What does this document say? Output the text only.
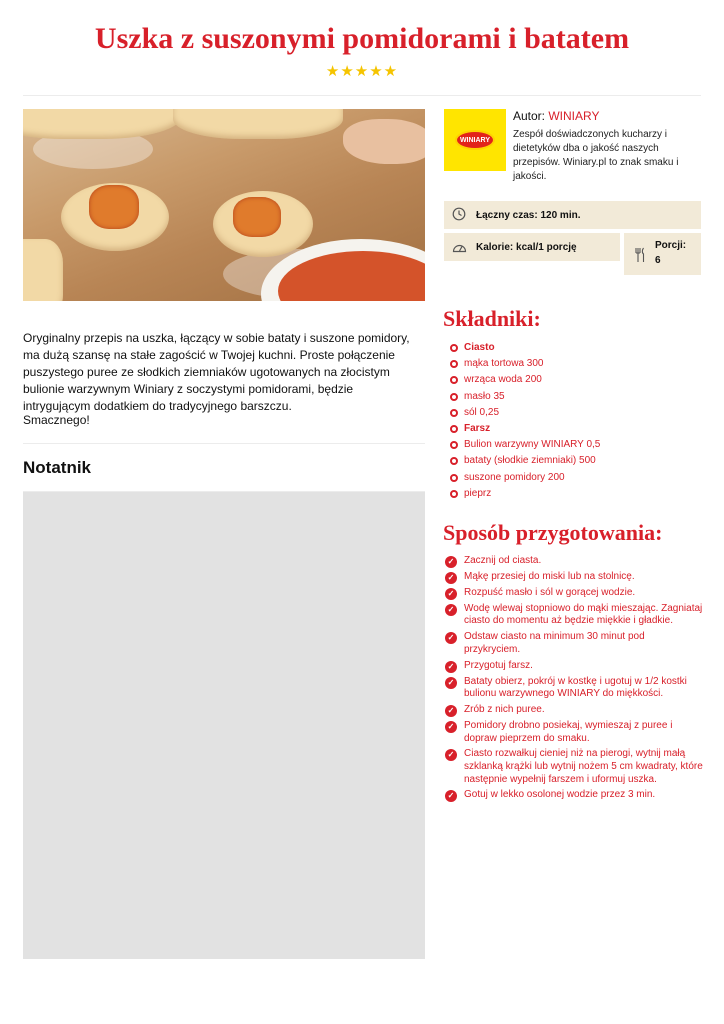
Uszka z suszonymi pomidorami i batatem
★★★★★

Oryginalny przepis na uszka, łączący w sobie bataty i suszone pomidory, ma dużą szansę na stałe zagościć w Twojej kuchni. Proste połączenie puszystego puree ze słodkich ziemniaków ugotowanych na złocistym bulionie warzywnym Winiary z soczystymi pomidorami, będzie intrygującym dodatkiem do tradycyjnego barszczu.

Smacznego!

Notatnik
WINIARY
Autor: WINIARY

Zespół doświadczonych kucharzy i dietetyków dba o jakość naszych przepisów. Winiary.pl to znak smaku i jakości.

Łączny czas: 120 min.
Kalorie: kcal/1 porcję	Porcji:
6
Składniki:
Ciasto
mąka tortowa 300
wrząca woda 200
masło 35
sól 0,25
Farsz
Bulion warzywny WINIARY 0,5
bataty (słodkie ziemniaki) 500
suszone pomidory 200
pieprz
Sposób przygotowania:
✓ Zacznij od ciasta.
✓ Mąkę przesiej do miski lub na stolnicę.
✓ Rozpuść masło i sól w gorącej wodzie.
✓ Wodę wlewaj stopniowo do mąki mieszając. Zagniataj ciasto do momentu aż będzie miękkie i gładkie.
✓ Odstaw ciasto na minimum 30 minut pod przykryciem.
✓ Przygotuj farsz.
✓ Bataty obierz, pokrój w kostkę i ugotuj w 1/2 kostki bulionu warzywnego WINIARY do miękkości.
✓ Zrób z nich puree.
✓ Pomidory drobno posiekaj, wymieszaj z puree i dopraw pieprzem do smaku.
✓ Ciasto rozwałkuj cieniej niż na pierogi, wytnij małą szklanką krążki lub wytnij nożem 5 cm kwadraty, które następnie wypełnij farszem i uformuj uszka.
✓ Gotuj w lekko osolonej wodzie przez 3 min.
